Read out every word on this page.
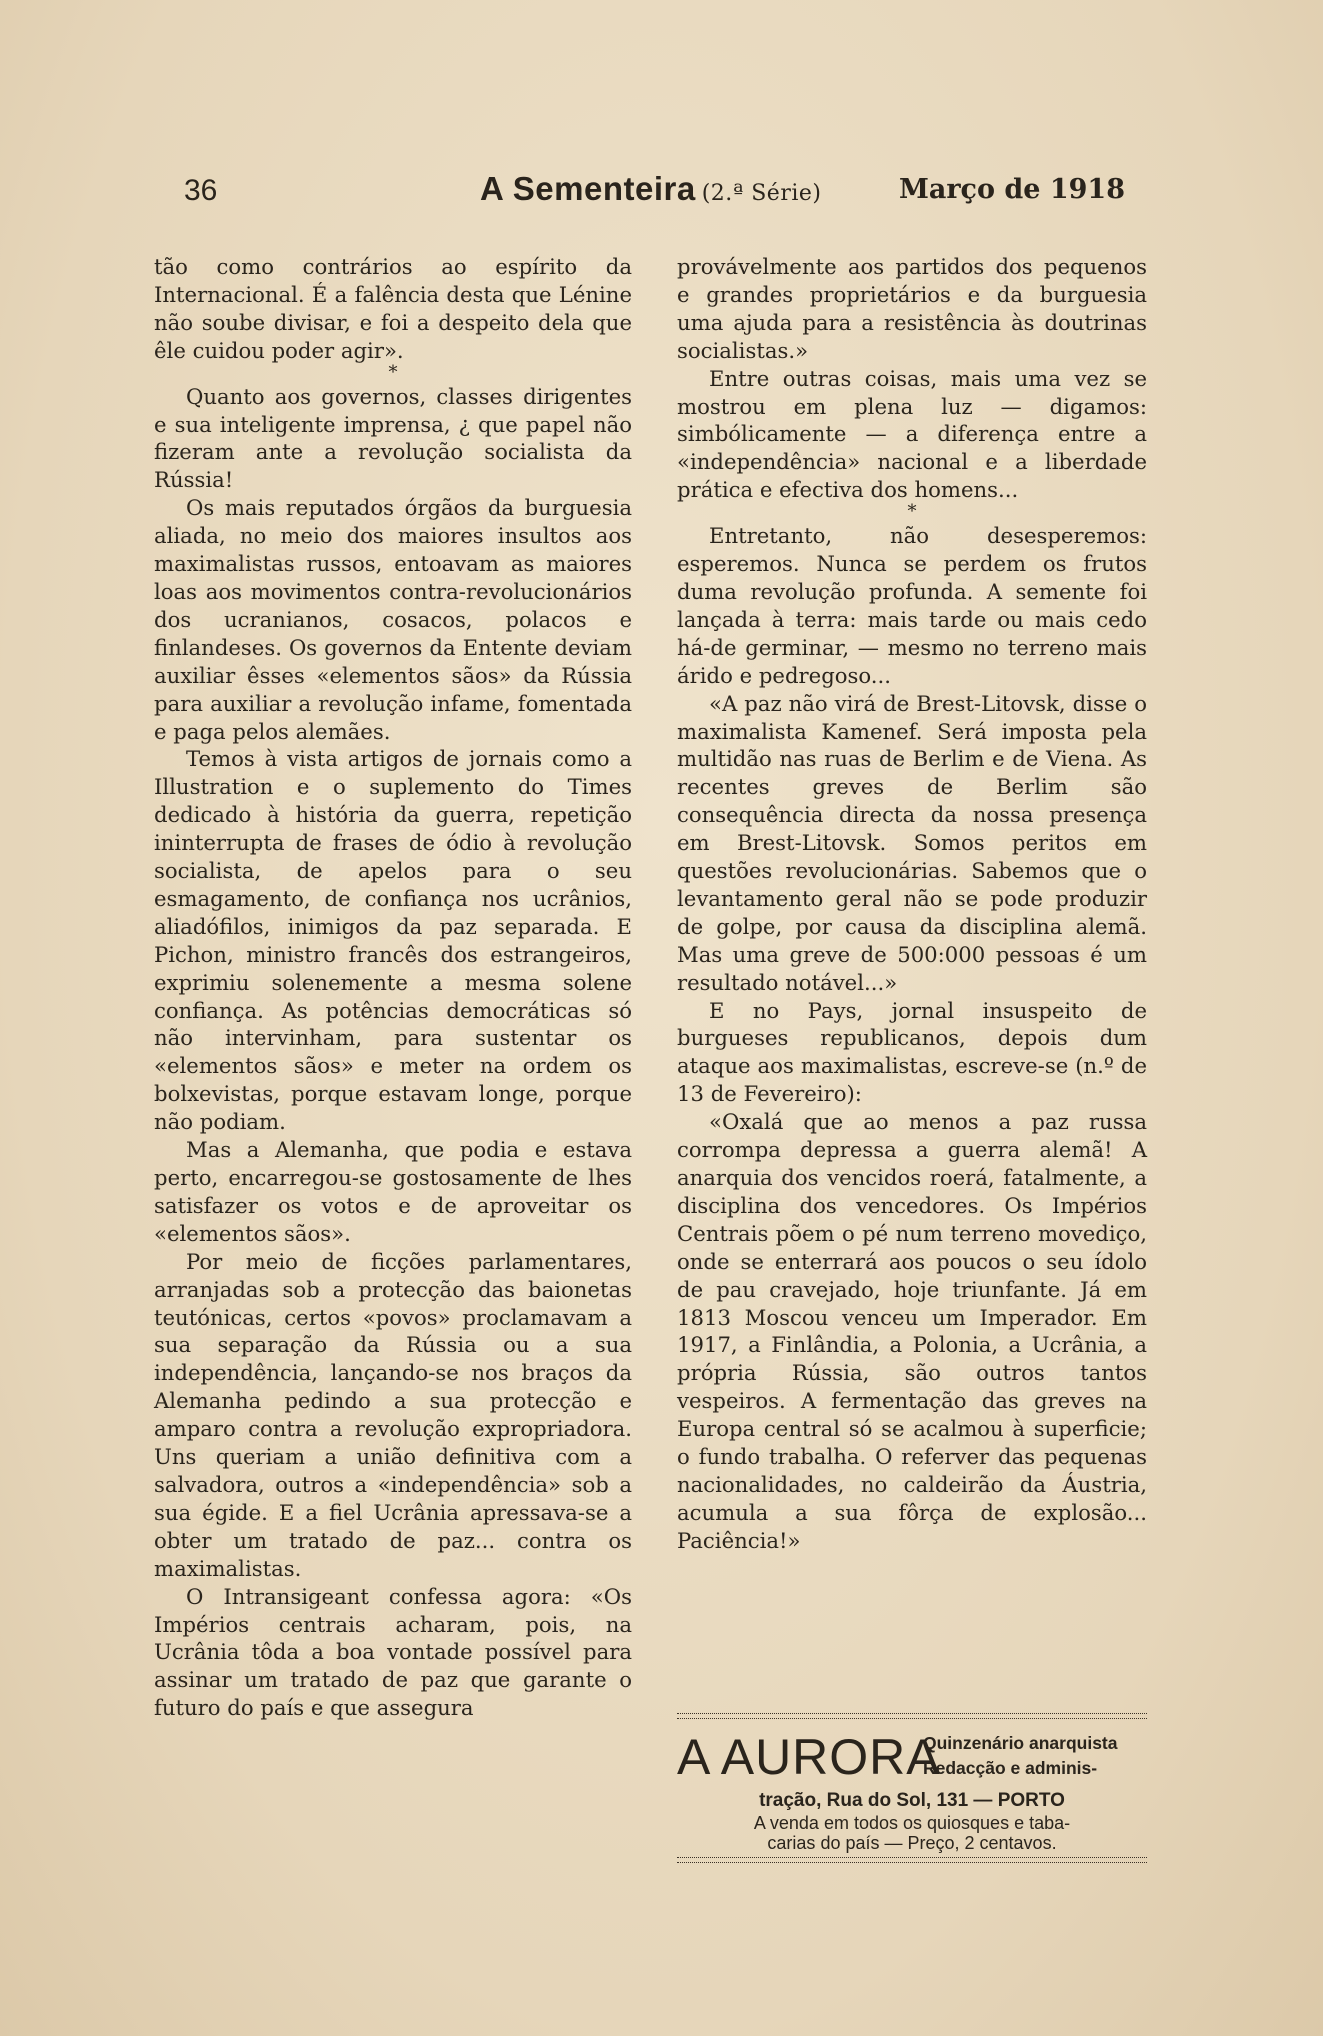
36	A Sementeira (2.ª Série)	Março de 1918

tão como contrários ao espírito da Internacional. É a falência desta que Lénine não soube divisar, e foi a despeito dela que êle cuidou poder agir».

*

Quanto aos governos, classes dirigentes e sua inteligente imprensa, ¿ que papel não fizeram ante a revolução socialista da Rússia!

Os mais reputados órgãos da burguesia aliada, no meio dos maiores insultos aos maximalistas russos, entoavam as maiores loas aos movimentos contra-revolucionários dos ucranianos, cosacos, polacos e finlandeses. Os governos da Entente deviam auxiliar êsses «elementos sãos» da Rússia para auxiliar a revolução infame, fomentada e paga pelos alemães.

Temos à vista artigos de jornais como a Illustration e o suplemento do Times dedicado à história da guerra, repetição ininterrupta de frases de ódio à revolução socialista, de apelos para o seu esmagamento, de confiança nos ucrânios, aliadófilos, inimigos da paz separada. E Pichon, ministro francês dos estrangeiros, exprimiu solenemente a mesma solene confiança. As potências democráticas só não intervinham, para sustentar os «elementos sãos» e meter na ordem os bolxevistas, porque estavam longe, porque não podiam.

Mas a Alemanha, que podia e estava perto, encarregou-se gostosamente de lhes satisfazer os votos e de aproveitar os «elementos sãos».

Por meio de ficções parlamentares, arranjadas sob a protecção das baionetas teutónicas, certos «povos» proclamavam a sua separação da Rússia ou a sua independência, lançando-se nos braços da Alemanha pedindo a sua protecção e amparo contra a revolução expropriadora. Uns queriam a união definitiva com a salvadora, outros a «independência» sob a sua égide. E a fiel Ucrânia apressava-se a obter um tratado de paz... contra os maximalistas.

O Intransigeant confessa agora: «Os Impérios centrais acharam, pois, na Ucrânia tôda a boa vontade possível para assinar um tratado de paz que garante o futuro do país e que assegura

provávelmente aos partidos dos pequenos e grandes proprietários e da burguesia uma ajuda para a resistência às doutrinas socialistas.»

Entre outras coisas, mais uma vez se mostrou em plena luz — digamos: simbólicamente — a diferença entre a «independência» nacional e a liberdade prática e efectiva dos homens...

*

Entretanto, não desesperemos: esperemos. Nunca se perdem os frutos duma revolução profunda. A semente foi lançada à terra: mais tarde ou mais cedo há-de germinar, — mesmo no terreno mais árido e pedregoso...

«A paz não virá de Brest-Litovsk, disse o maximalista Kamenef. Será imposta pela multidão nas ruas de Berlim e de Viena. As recentes greves de Berlim são consequência directa da nossa presença em Brest-Litovsk. Somos peritos em questões revolucionárias. Sabemos que o levantamento geral não se pode produzir de golpe, por causa da disciplina alemã. Mas uma greve de 500:000 pessoas é um resultado notável...»

E no Pays, jornal insuspeito de burgueses republicanos, depois dum ataque aos maximalistas, escreve-se (n.º de 13 de Fevereiro):

«Oxalá que ao menos a paz russa corrompa depressa a guerra alemã! A anarquia dos vencidos roerá, fatalmente, a disciplina dos vencedores. Os Impérios Centrais põem o pé num terreno movediço, onde se enterrará aos poucos o seu ídolo de pau cravejado, hoje triunfante. Já em 1813 Moscou venceu um Imperador. Em 1917, a Finlândia, a Polonia, a Ucrânia, a própria Rússia, são outros tantos vespeiros. A fermentação das greves na Europa central só se acalmou à superficie; o fundo trabalha. O referver das pequenas nacionalidades, no caldeirão da Áustria, acumula a sua fôrça de explosão... Paciência!»

A AURORA
Quinzenário anarquista
Redacção e adminis-

tração, Rua do Sol, 131 — PORTO

A venda em todos os quiosques e taba-

carias do país — Preço, 2 centavos.
